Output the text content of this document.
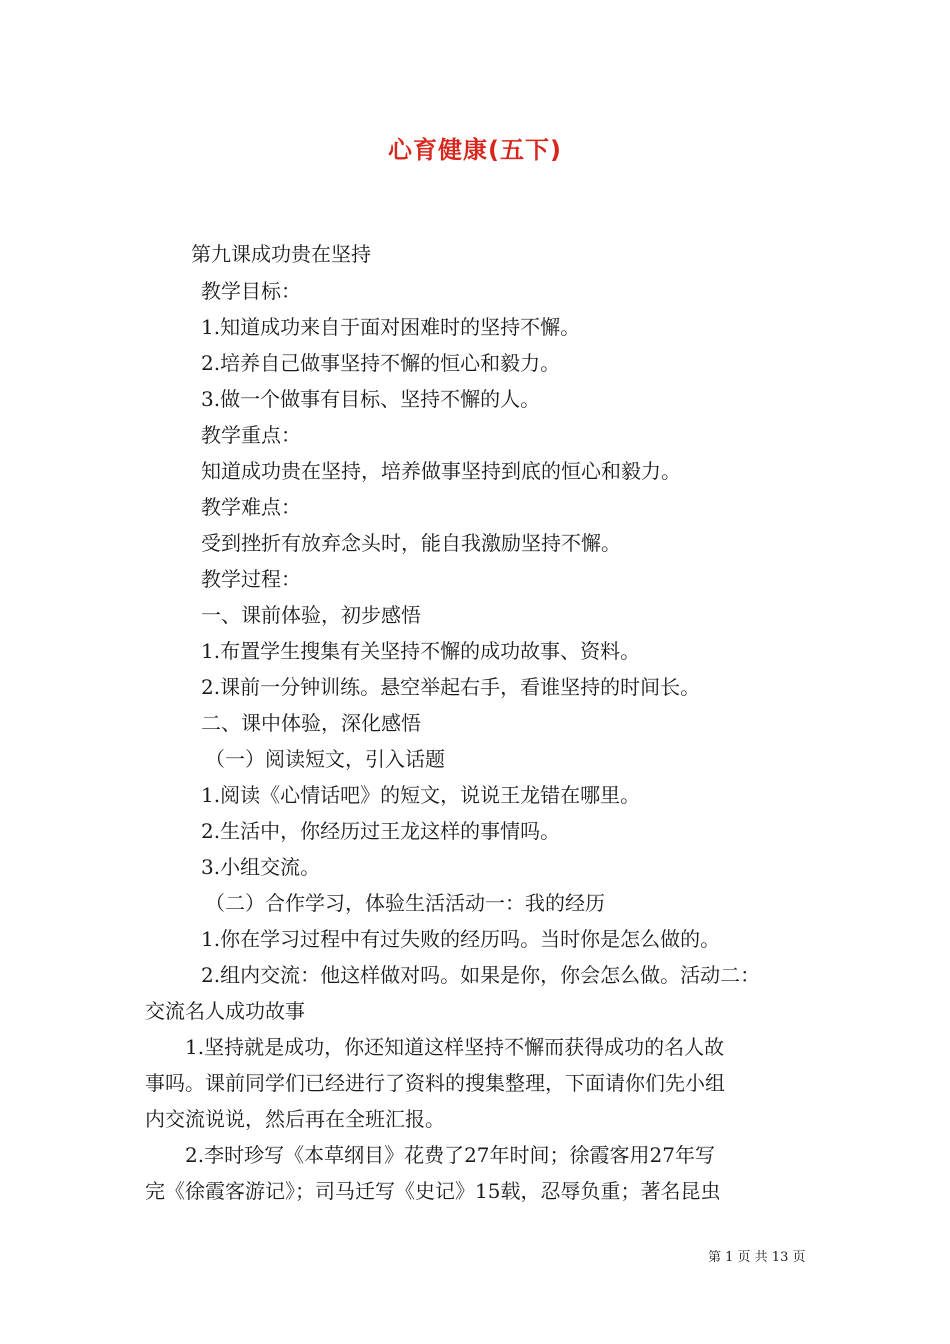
心育健康(五下)
第九课成功贵在坚持
教学目标：
1.知道成功来自于面对困难时的坚持不懈。
2.培养自己做事坚持不懈的恒心和毅力。
3.做一个做事有目标、坚持不懈的人。
教学重点：
知道成功贵在坚持，培养做事坚持到底的恒心和毅力。
教学难点：
受到挫折有放弃念头时，能自我激励坚持不懈。
教学过程：
一、课前体验，初步感悟
1.布置学生搜集有关坚持不懈的成功故事、资料。
2.课前一分钟训练。悬空举起右手，看谁坚持的时间长。
二、课中体验，深化感悟
（一）阅读短文，引入话题
1.阅读《心情话吧》的短文，说说王龙错在哪里。
2.生活中，你经历过王龙这样的事情吗。
3.小组交流。
（二）合作学习，体验生活活动一：我的经历
1.你在学习过程中有过失败的经历吗。当时你是怎么做的。
2.组内交流：他这样做对吗。如果是你，你会怎么做。活动二：
交流名人成功故事
1.坚持就是成功，你还知道这样坚持不懈而获得成功的名人故
事吗。课前同学们已经进行了资料的搜集整理，下面请你们先小组
内交流说说，然后再在全班汇报。
2.李时珍写《本草纲目》花费了27年时间；徐霞客用27年写
完《徐霞客游记》；司马迁写《史记》15载，忍辱负重；著名昆虫
第 1 页 共 13 页
